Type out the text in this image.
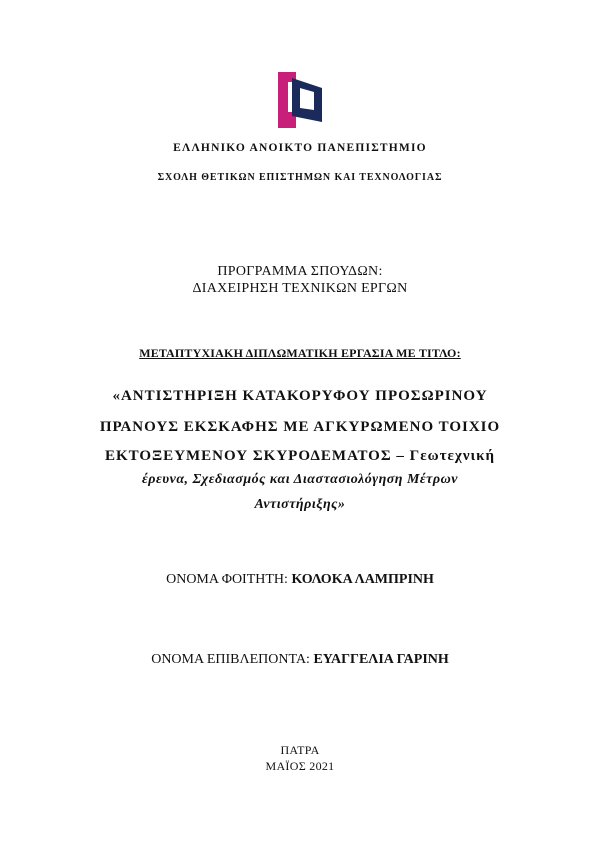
ΕΛΛΗΝΙΚΟ ΑΝΟΙΚΤΟ ΠΑΝΕΠΙΣΤΗΜΙΟ
ΣΧΟΛΗ ΘΕΤΙΚΩΝ ΕΠΙΣΤΗΜΩΝ ΚΑΙ ΤΕΧΝΟΛΟΓΙΑΣ
ΠΡΟΓΡΑΜΜΑ ΣΠΟΥΔΩΝ:
ΔΙΑΧΕΙΡΗΣΗ ΤΕΧΝΙΚΩΝ ΕΡΓΩΝ
ΜΕΤΑΠΤΥΧΙΑΚΗ ΔΙΠΛΩΜΑΤΙΚΗ ΕΡΓΑΣΙΑ ΜΕ ΤΙΤΛΟ:
«ΑΝΤΙΣΤΗΡΙΞΗ ΚΑΤΑΚΟΡΥΦΟΥ ΠΡΟΣΩΡΙΝΟΥ
ΠΡΑΝΟΥΣ ΕΚΣΚΑΦΗΣ ΜΕ ΑΓΚΥΡΩΜΕΝΟ ΤΟΙΧΙΟ
ΕΚΤΟΞΕΥΜΕΝΟΥ ΣΚΥΡΟΔΕΜΑΤΟΣ – Γεωτεχνική
έρευνα, Σχεδιασμός και Διαστασιολόγηση Μέτρων
Αντιστήριξης»
ΟΝΟΜΑ ΦΟΙΤΗΤΗ: ΚΟΛΟΚΑ ΛΑΜΠΡΙΝΗ
ΟΝΟΜΑ ΕΠΙΒΛΕΠΟΝΤΑ: ΕΥΑΓΓΕΛΙΑ ΓΑΡΙΝΗ
ΠΑΤΡΑ
ΜΑΪΟΣ 2021
